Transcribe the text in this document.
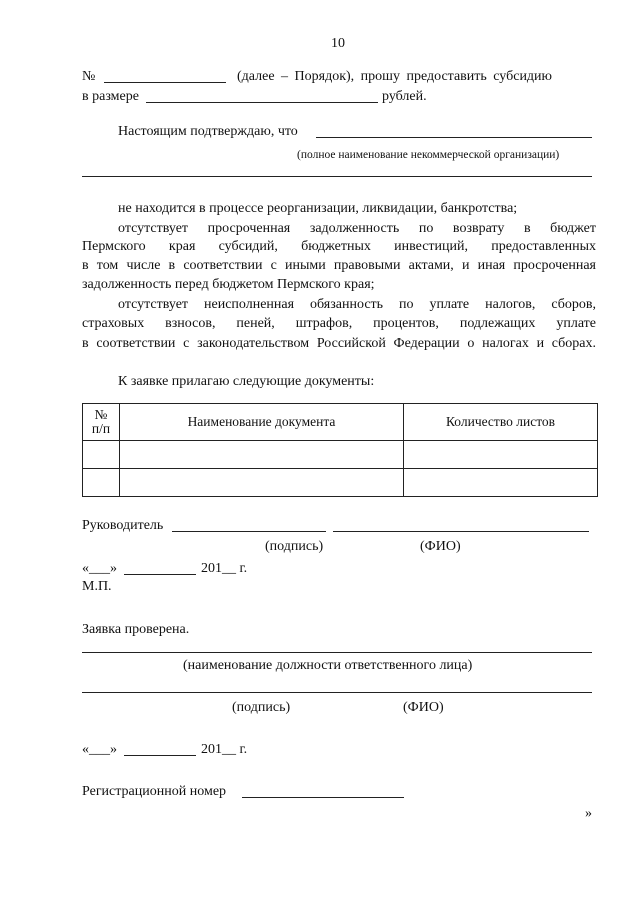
10
№	(далее – Порядок), прошу предоставить субсидию
в размере	рублей.
Настоящим подтверждаю, что
(полное наименование некоммерческой организации)
не находится в процессе реорганизации, ликвидации, банкротства;
отсутствует просроченная задолженность по возврату в бюджет
Пермского края субсидий, бюджетных инвестиций, предоставленных
в том числе в соответствии с иными правовыми актами, и иная просроченная
задолженность перед бюджетом Пермского края;
отсутствует неисполненная обязанность по уплате налогов, сборов,
страховых взносов, пеней, штрафов, процентов, подлежащих уплате
в соответствии с законодательством Российской Федерации о налогах и сборах.
К заявке прилагаю следующие документы:
№
п/п	Наименование документа	Количество листов

Руководитель
(подпись)	(ФИО)
«___»	201__ г.
М.П.
Заявка проверена.
(наименование должности ответственного лица)
(подпись)	(ФИО)
«___»	201__ г.
Регистрационной номер
»
